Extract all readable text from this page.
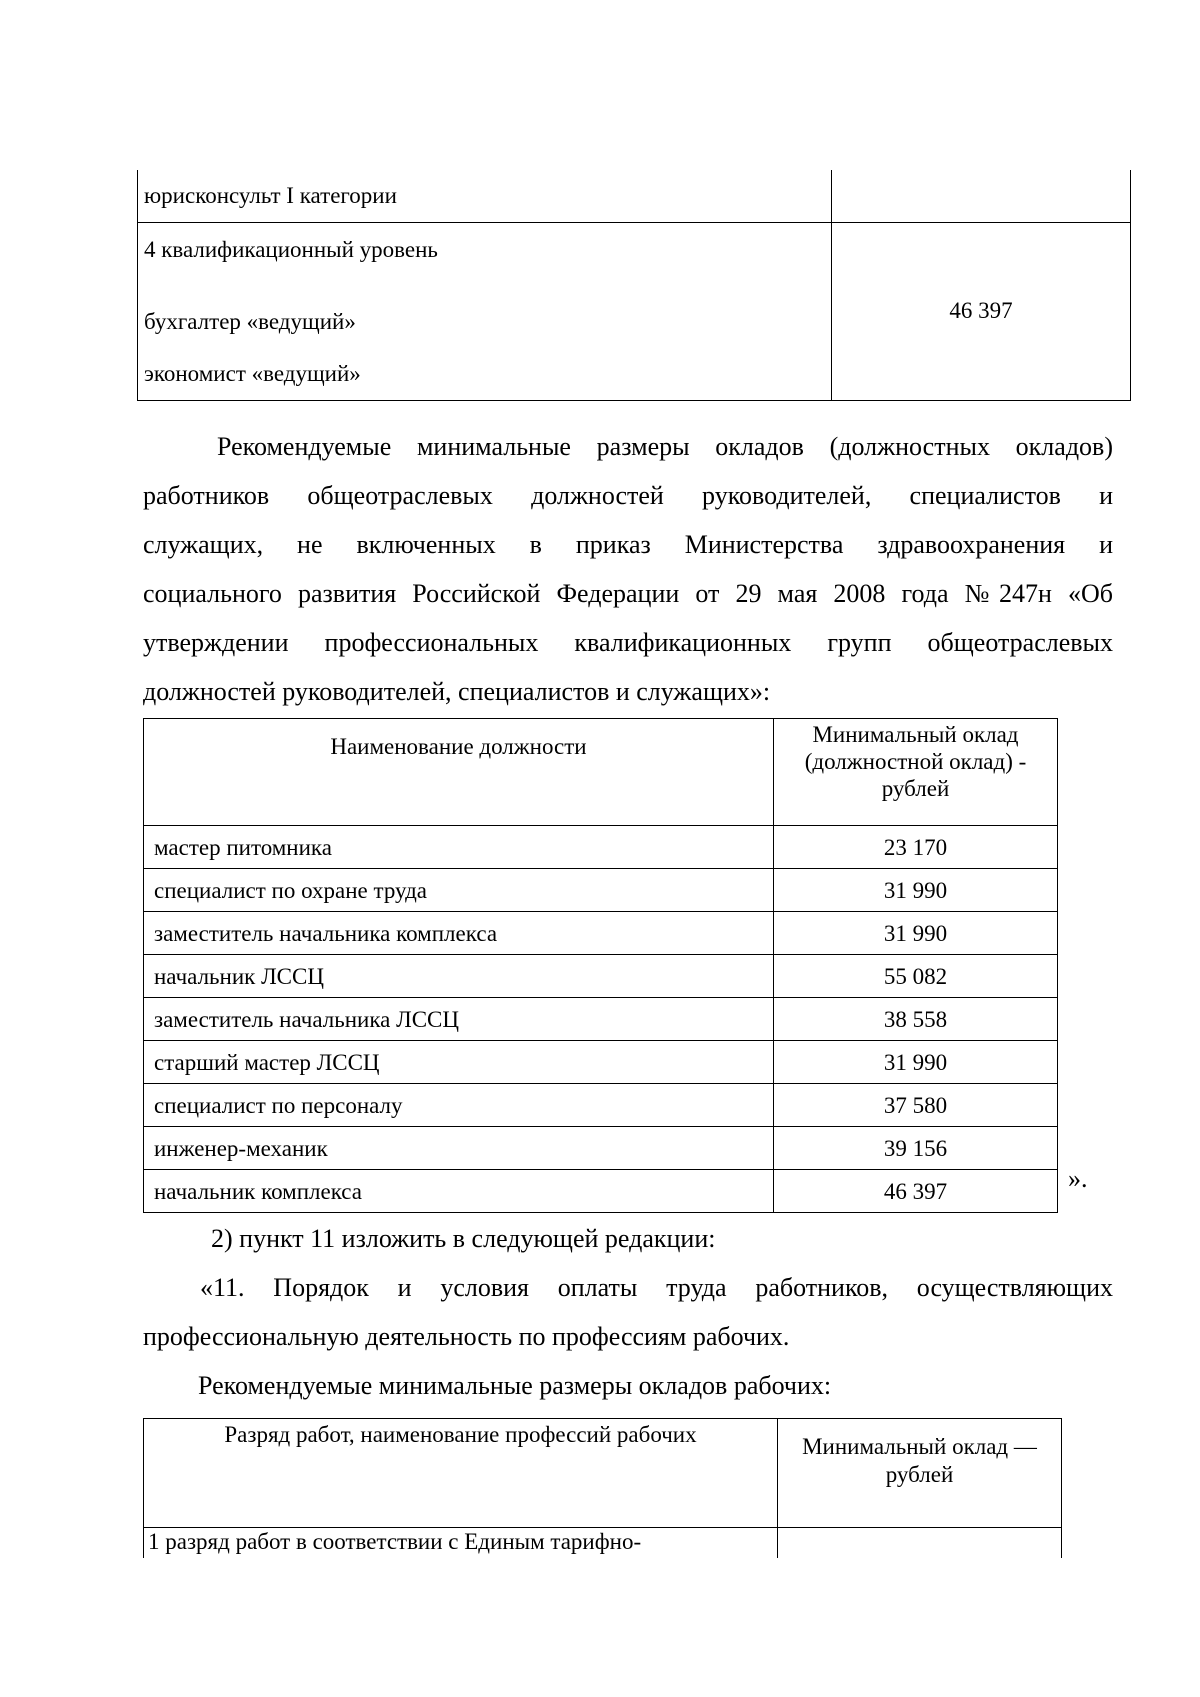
юрисконсульт I категории	

4 квалификационный уровень
бухгалтер «ведущий»
экономист «ведущий»	46 397
Рекомендуемые минимальные размеры окладов (должностных окладов)
работников общеотраслевых должностей руководителей, специалистов и
служащих, не включенных в приказ Министерства здравоохранения и
социального развития Российской Федерации от 29 мая 2008 года №247н «Об
утверждении профессиональных квалификационных групп общеотраслевых
должностей руководителей, специалистов и служащих»:
Наименование должности	Минимальный оклад (должностной оклад) - рублей
мастер питомника	23 170
специалист по охране труда	31 990
заместитель начальника комплекса	31 990
начальник ЛССЦ	55 082
заместитель начальника ЛССЦ	38 558
старший мастер ЛССЦ	31 990
специалист по персоналу	37 580
инженер-механик	39 156
начальник комплекса	46 397	».
2) пункт 11 изложить в следующей редакции:
«11. Порядок и условия оплаты труда работников, осуществляющих
профессиональную деятельность по профессиям рабочих.
Рекомендуемые минимальные размеры окладов рабочих:
Разряд работ, наименование профессий рабочих	Минимальный оклад — рублей
1 разряд работ в соответствии с Единым тарифно-	
